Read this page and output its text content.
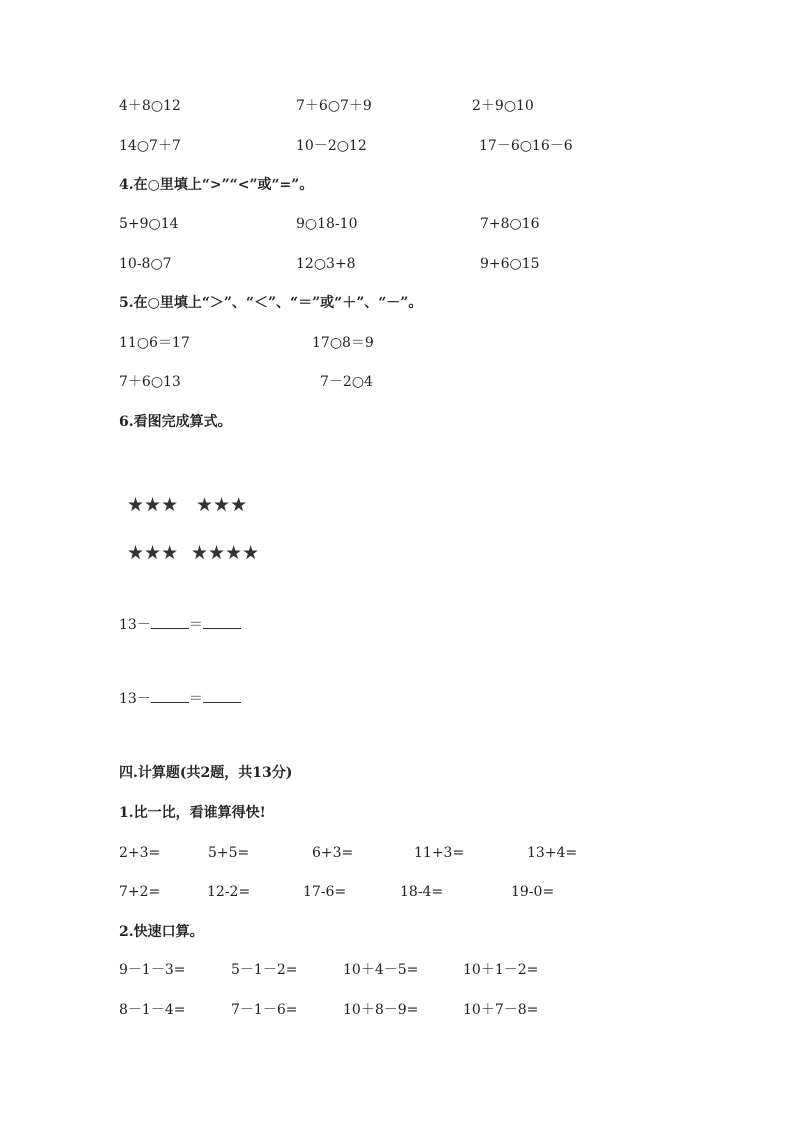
4＋8○12	7＋6○7＋9	2＋9○10
14○7＋7	10－2○12	17－6○16－6
4.在○里填上“>”“<”或“=”。
5+9○14	9○18-10	7+8○16
10-8○7	12○3+8	9+6○15
5.在○里填上“＞”、“＜”、“＝”或“＋”、“－”。
11○6＝17	17○8＝9
7＋6○13	7－2○4
6.看图完成算式。
★★★ ★★★
★★★ ★★★★
13－	＝
13－	＝
四.计算题(共2题，共13分)
1.比一比，看谁算得快!
2+3=	5+5=	6+3=	11+3=	13+4=
7+2=	12-2=	17-6=	18-4=	19-0=
2.快速口算。
9－1－3=	5－1－2=	10＋4－5=	10＋1－2=
8－1－4=	7－1－6=	10＋8－9=	10＋7－8=
